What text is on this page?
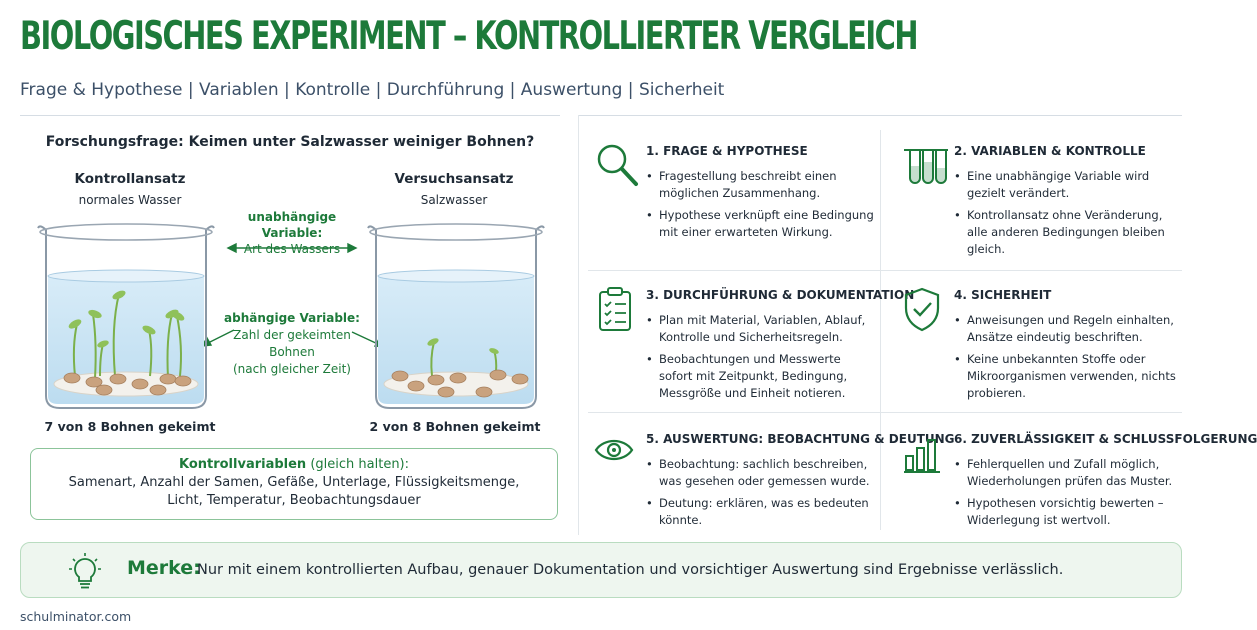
BIOLOGISCHES EXPERIMENT – KONTROLLIERTER VERGLEICH
Frage & Hypothese | Variablen | Kontrolle | Durchführung | Auswertung | Sicherheit
Forschungsfrage: Keimen unter Salzwasser weiniger Bohnen?
Kontrollansatz
normales Wasser
Versuchsansatz
Salzwasser
unabhängige Variable:
Art des Wassers
abhängige Variable:
Zahl der gekeimten Bohnen
(nach gleicher Zeit)
7 von 8 Bohnen gekeimt	2 von 8 Bohnen gekeimt
Kontrollvariablen (gleich halten):
Samenart, Anzahl der Samen, Gefäße, Unterlage, Flüssigkeitsmenge, Licht, Temperatur, Beobachtungsdauer
1. FRAGE & HYPOTHESE
• Fragestellung beschreibt einen möglichen Zusammenhang.
• Hypothese verknüpft eine Bedingung mit einer erwarteten Wirkung.
2. VARIABLEN & KONTROLLE
• Eine unabhängige Variable wird gezielt verändert.
• Kontrollansatz ohne Veränderung, alle anderen Bedingungen bleiben gleich.
3. DURCHFÜHRUNG & DOKUMENTATION
• Plan mit Material, Variablen, Ablauf, Kontrolle und Sicherheitsregeln.
• Beobachtungen und Messwerte sofort mit Zeitpunkt, Bedingung, Messgröße und Einheit notieren.
4. SICHERHEIT
• Anweisungen und Regeln einhalten, Ansätze eindeutig beschriften.
• Keine unbekannten Stoffe oder Mikroorganismen verwenden, nichts probieren.
5. AUSWERTUNG: BEOBACHTUNG & DEUTUNG
• Beobachtung: sachlich beschreiben, was gesehen oder gemessen wurde.
• Deutung: erklären, was es bedeuten könnte.
6. ZUVERLÄSSIGKEIT & SCHLUSSFOLGERUNG
• Fehlerquellen und Zufall möglich, Wiederholungen prüfen das Muster.
• Hypothesen vorsichtig bewerten – Widerlegung ist wertvoll.
Merke:
Nur mit einem kontrollierten Aufbau, genauer Dokumentation und vorsichtiger Auswertung sind Ergebnisse verlässlich.
schulminator.com
